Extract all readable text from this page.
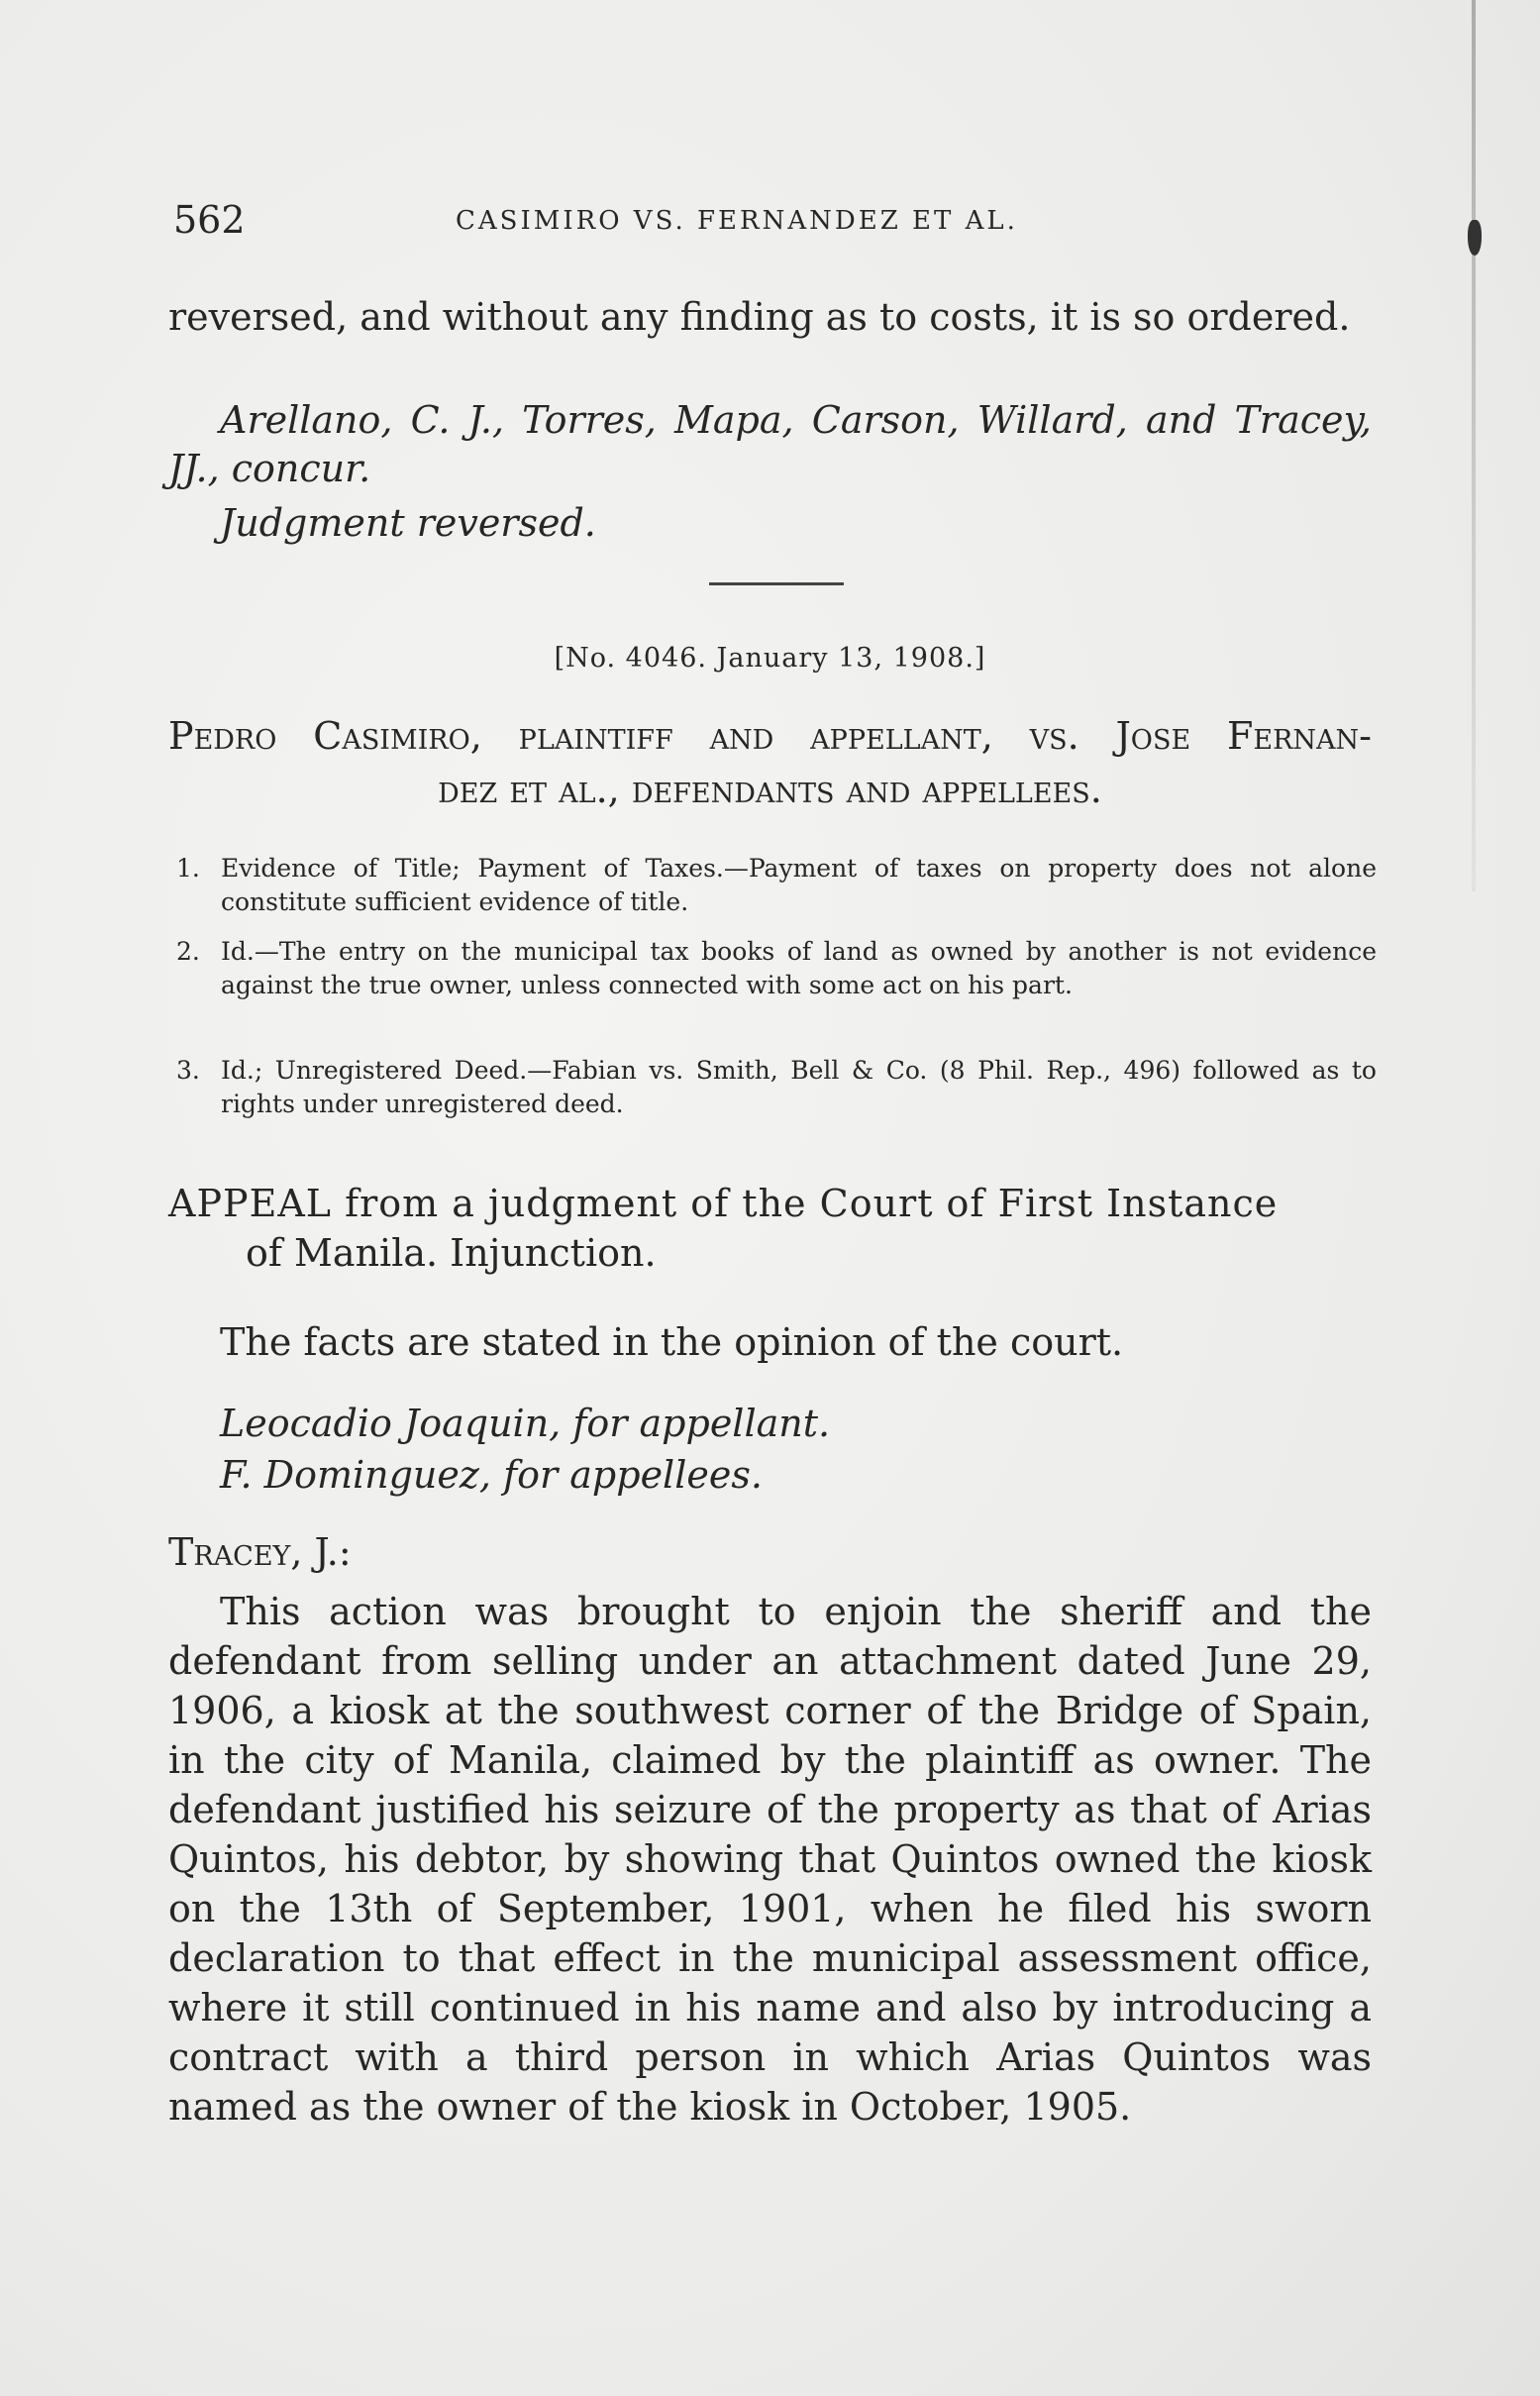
562	CASIMIRO VS. FERNANDEZ ET AL.
reversed, and without any finding as to costs, it is so ordered.
Arellano, C. J., Torres, Mapa, Carson, Willard, and Tracey, JJ., concur.
Judgment reversed.
[No. 4046. January 13, 1908.]
Pedro Casimiro, plaintiff and appellant, vs. Jose Fernan-
dez et al., defendants and appellees.
1. Evidence of Title; Payment of Taxes.—Payment of taxes on property does not alone constitute sufficient evidence of title.
2. Id.—The entry on the municipal tax books of land as owned by another is not evidence against the true owner, unless connected with some act on his part.
3. Id.; Unregistered Deed.—Fabian vs. Smith, Bell & Co. (8 Phil. Rep., 496) followed as to rights under unregistered deed.
APPEAL from a judgment of the Court of First Instance
of Manila. Injunction.
The facts are stated in the opinion of the court.
Leocadio Joaquin, for appellant.
F. Dominguez, for appellees.
Tracey, J.:
This action was brought to enjoin the sheriff and the defendant from selling under an attachment dated June 29, 1906, a kiosk at the southwest corner of the Bridge of Spain, in the city of Manila, claimed by the plaintiff as owner. The defendant justified his seizure of the property as that of Arias Quintos, his debtor, by showing that Quintos owned the kiosk on the 13th of September, 1901, when he filed his sworn declaration to that effect in the municipal assessment office, where it still continued in his name and also by introducing a contract with a third person in which Arias Quintos was named as the owner of the kiosk in October, 1905.
